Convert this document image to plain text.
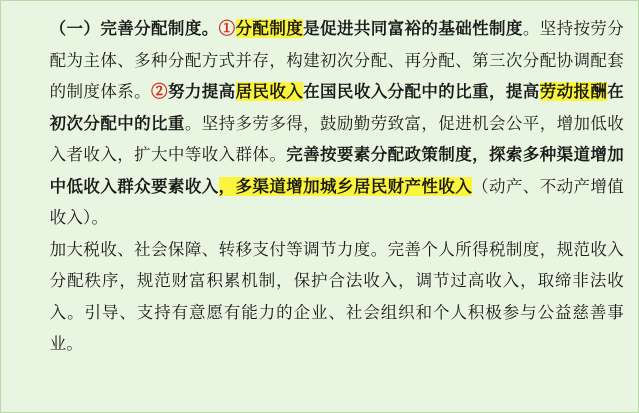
（一）完善分配制度。①分配制度是促进共同富裕的基础性制度。坚持按劳分配为主体、多种分配方式并存，构建初次分配、再分配、第三次分配协调配套的制度体系。②努力提高居民收入在国民收入分配中的比重，提高劳动报酬在初次分配中的比重。坚持多劳多得，鼓励勤劳致富，促进机会公平，增加低收入者收入，扩大中等收入群体。完善按要素分配政策制度，探索多种渠道增加中低收入群众要素收入，多渠道增加城乡居民财产性收入（动产、不动产增值收入）。
加大税收、社会保障、转移支付等调节力度。完善个人所得税制度，规范收入分配秩序，规范财富积累机制，保护合法收入，调节过高收入，取缔非法收入。引导、支持有意愿有能力的企业、社会组织和个人积极参与公益慈善事业。
